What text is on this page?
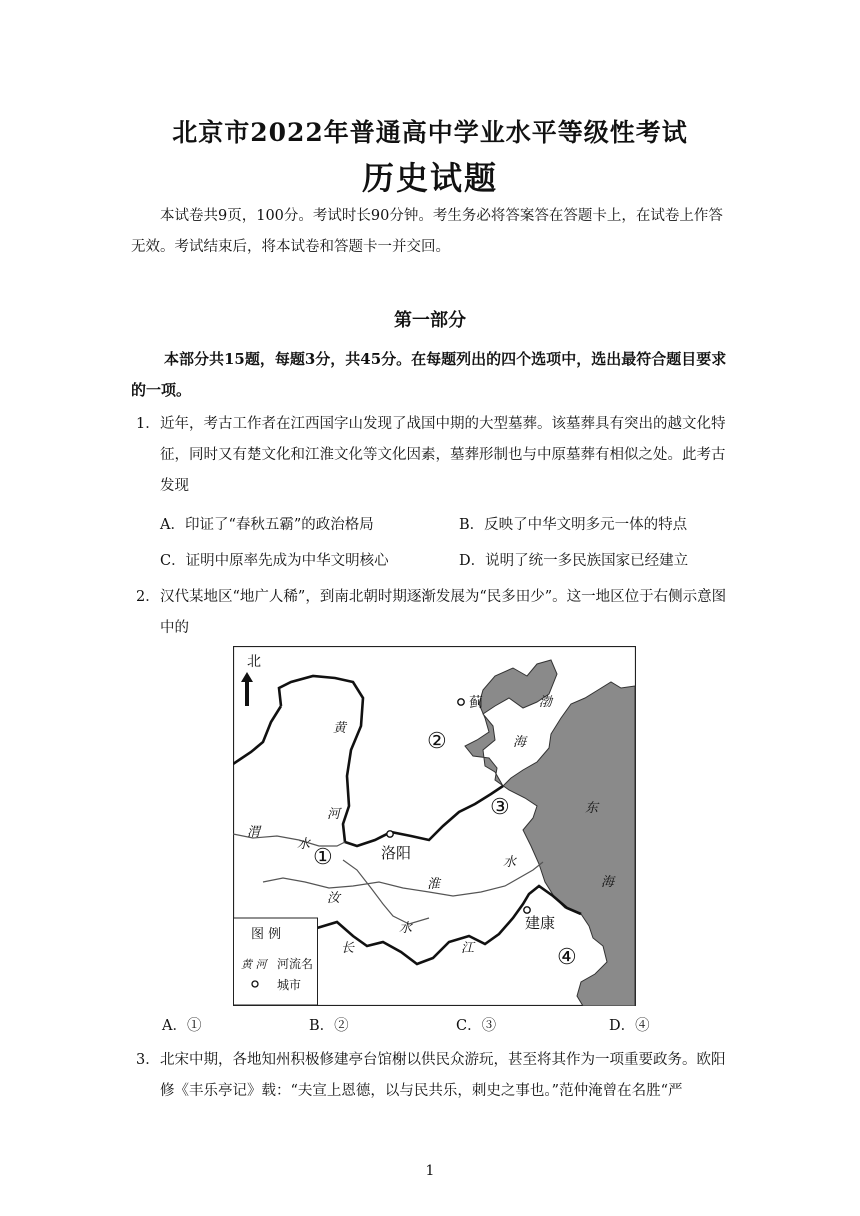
北京市2022年普通高中学业水平等级性考试
历史试题
本试卷共9页，100分。考试时长90分钟。考生务必将答案答在答题卡上，在试卷上作答无效。考试结束后，将本试卷和答题卡一并交回。
第一部分
本部分共15题，每题3分，共45分。在每题列出的四个选项中，选出最符合题目要求的一项。
1． 近年，考古工作者在江西国字山发现了战国中期的大型墓葬。该墓葬具有突出的越文化特征，同时又有楚文化和江淮文化等文化因素，墓葬形制也与中原墓葬有相似之处。此考古发现
A．印证了“春秋五霸”的政治格局	B．反映了中华文明多元一体的特点
C．证明中原率先成为中华文明核心	D．说明了统一多民族国家已经建立
2． 汉代某地区“地广人稀”，到南北朝时期逐渐发展为“民多田少”。这一地区位于右侧示意图中的
北
蓟
洛阳
建康
①
②
③
④
渤
海
东
海
黄
河
渭
水
淮
水
汝
水
长	江
图 例
黄 河 河流名
城市
A．①	B．②	C．③	D．④
3． 北宋中期，各地知州积极修建亭台馆榭以供民众游玩，甚至将其作为一项重要政务。欧阳修《丰乐亭记》载：“夫宣上恩德，以与民共乐，刺史之事也。”范仲淹曾在名胜“严
1
